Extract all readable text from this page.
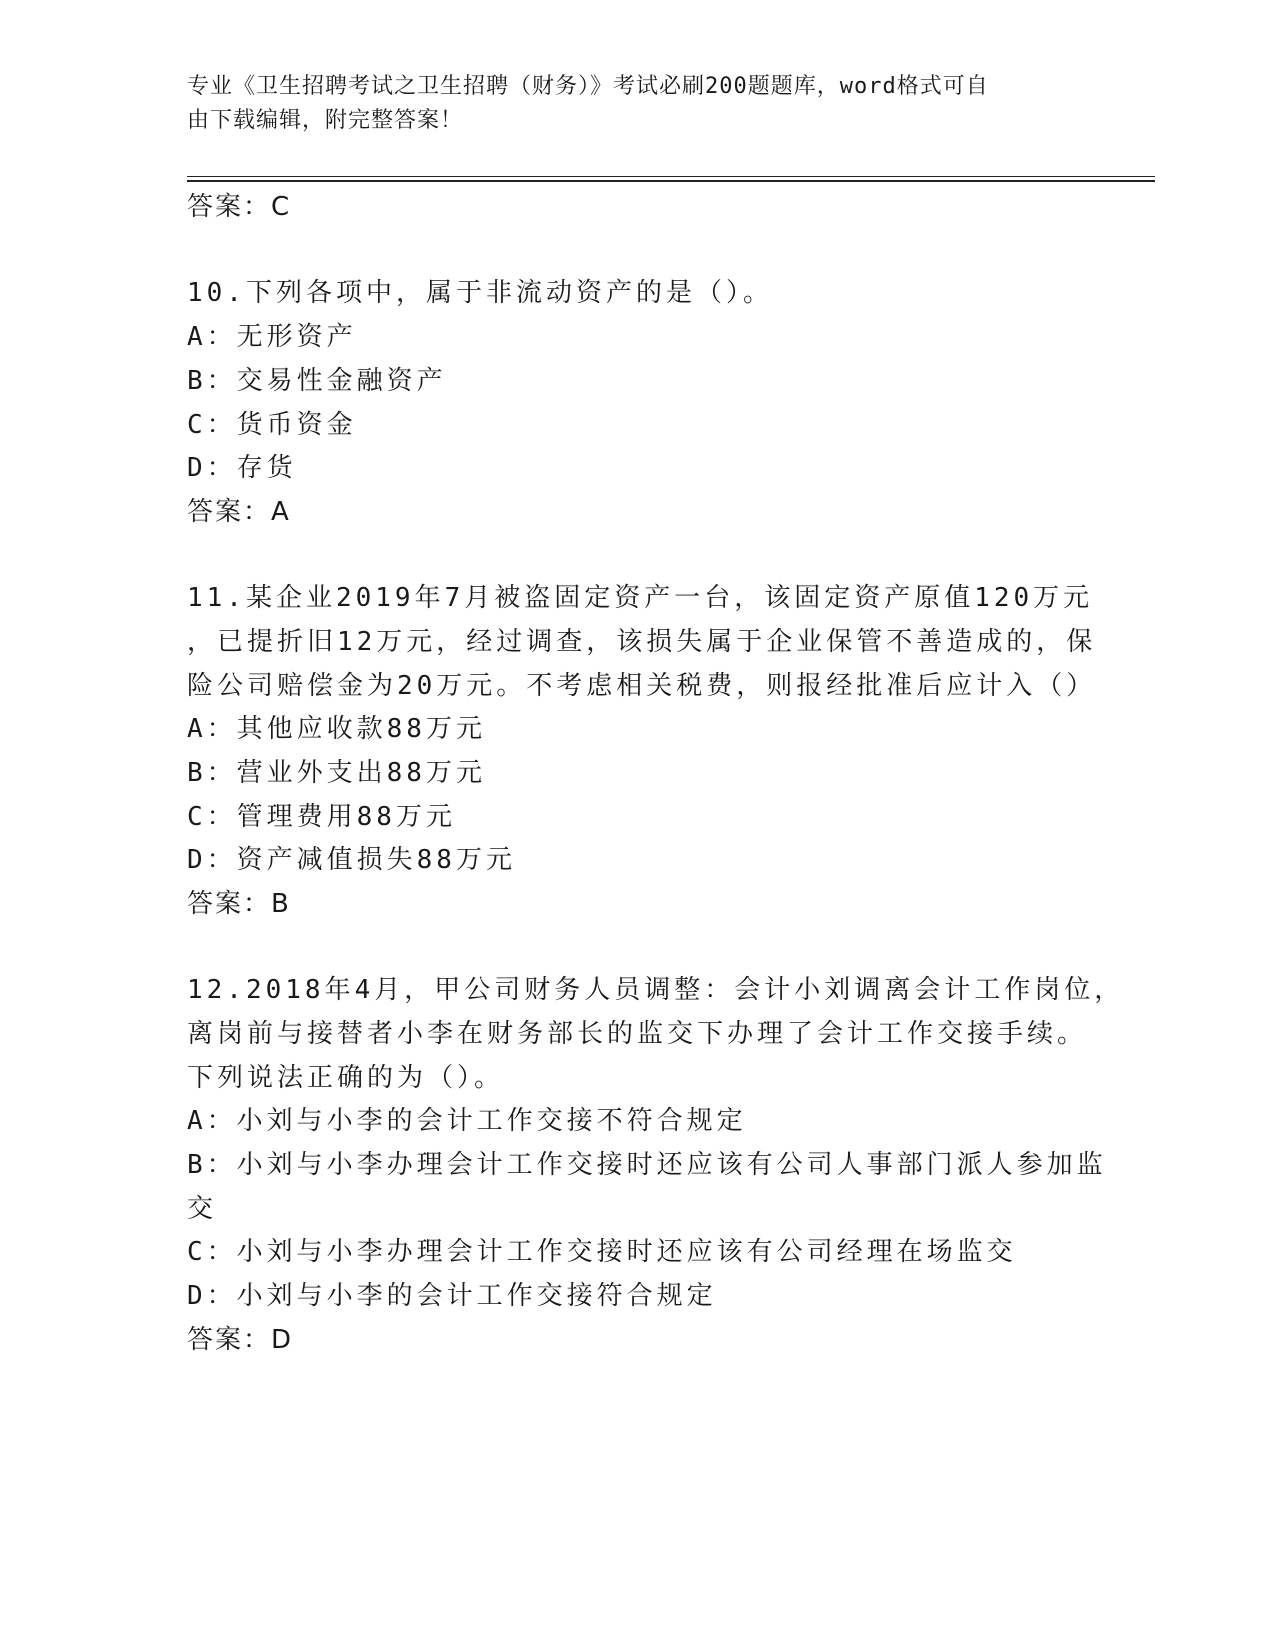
专业《卫生招聘考试之卫生招聘（财务）》考试必刷200题题库，word格式可自
由下载编辑，附完整答案！
答案：C
10.下列各项中，属于非流动资产的是（）。
A：无形资产
B：交易性金融资产
C：货币资金
D：存货
答案：A
11.某企业2019年7月被盗固定资产一台，该固定资产原值120万元
，已提折旧12万元，经过调查，该损失属于企业保管不善造成的，保
险公司赔偿金为20万元。不考虑相关税费，则报经批准后应计入（）
A：其他应收款88万元
B：营业外支出88万元
C：管理费用88万元
D：资产减值损失88万元
答案：B
12.2018年4月，甲公司财务人员调整：会计小刘调离会计工作岗位，
离岗前与接替者小李在财务部长的监交下办理了会计工作交接手续。
下列说法正确的为（）。
A：小刘与小李的会计工作交接不符合规定
B：小刘与小李办理会计工作交接时还应该有公司人事部门派人参加监
交
C：小刘与小李办理会计工作交接时还应该有公司经理在场监交
D：小刘与小李的会计工作交接符合规定
答案：D
